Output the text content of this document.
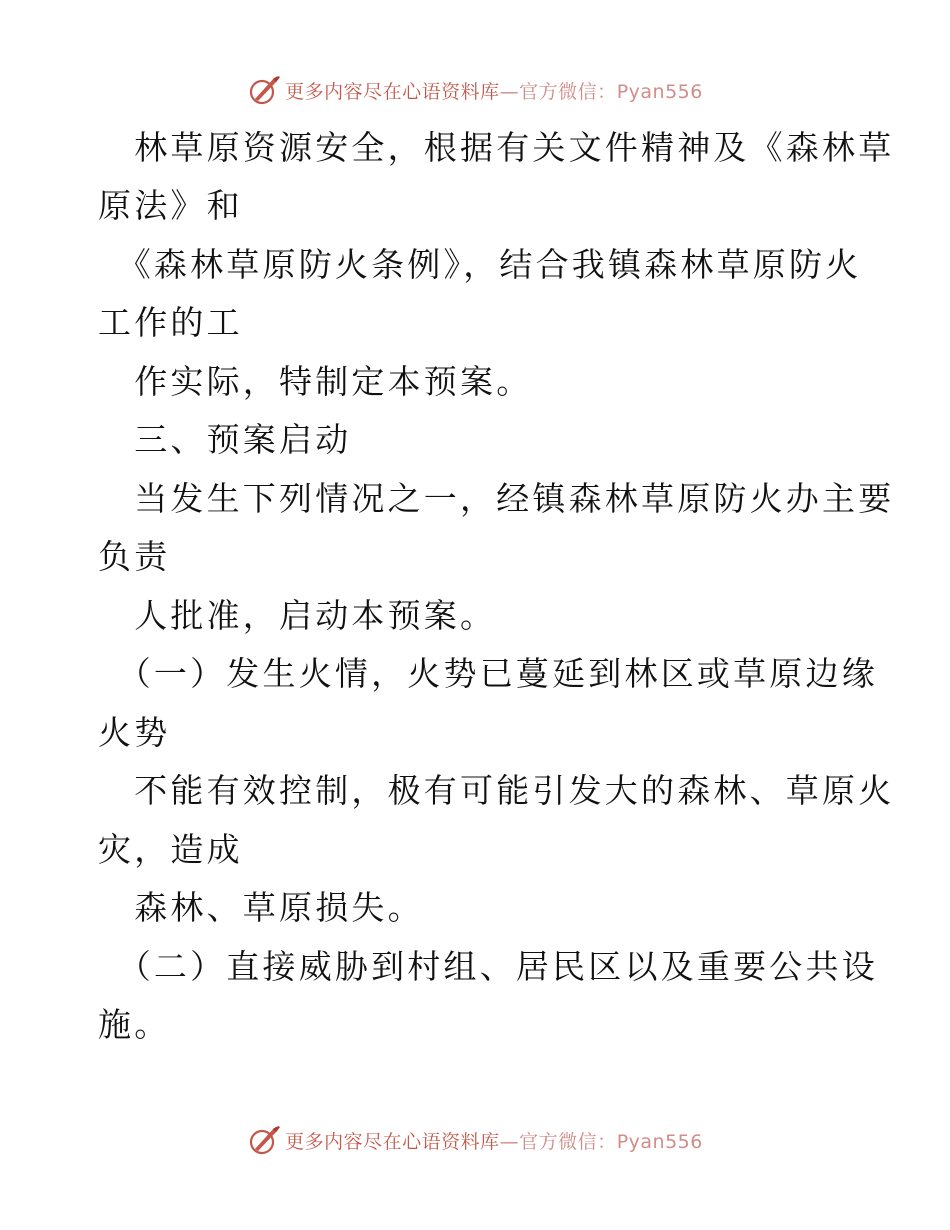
更多内容尽在心语资料库—官方微信：Pyan556
　林草原资源安全，根据有关文件精神及《森林草
原法》和
　《森林草原防火条例》，结合我镇森林草原防火
工作的工
　作实际，特制定本预案。
　三、预案启动
　当发生下列情况之一，经镇森林草原防火办主要
负责
　人批准，启动本预案。
　（一）发生火情，火势已蔓延到林区或草原边缘
火势
　不能有效控制，极有可能引发大的森林、草原火
灾，造成
　森林、草原损失。
　（二）直接威胁到村组、居民区以及重要公共设
施。
更多内容尽在心语资料库—官方微信：Pyan556
